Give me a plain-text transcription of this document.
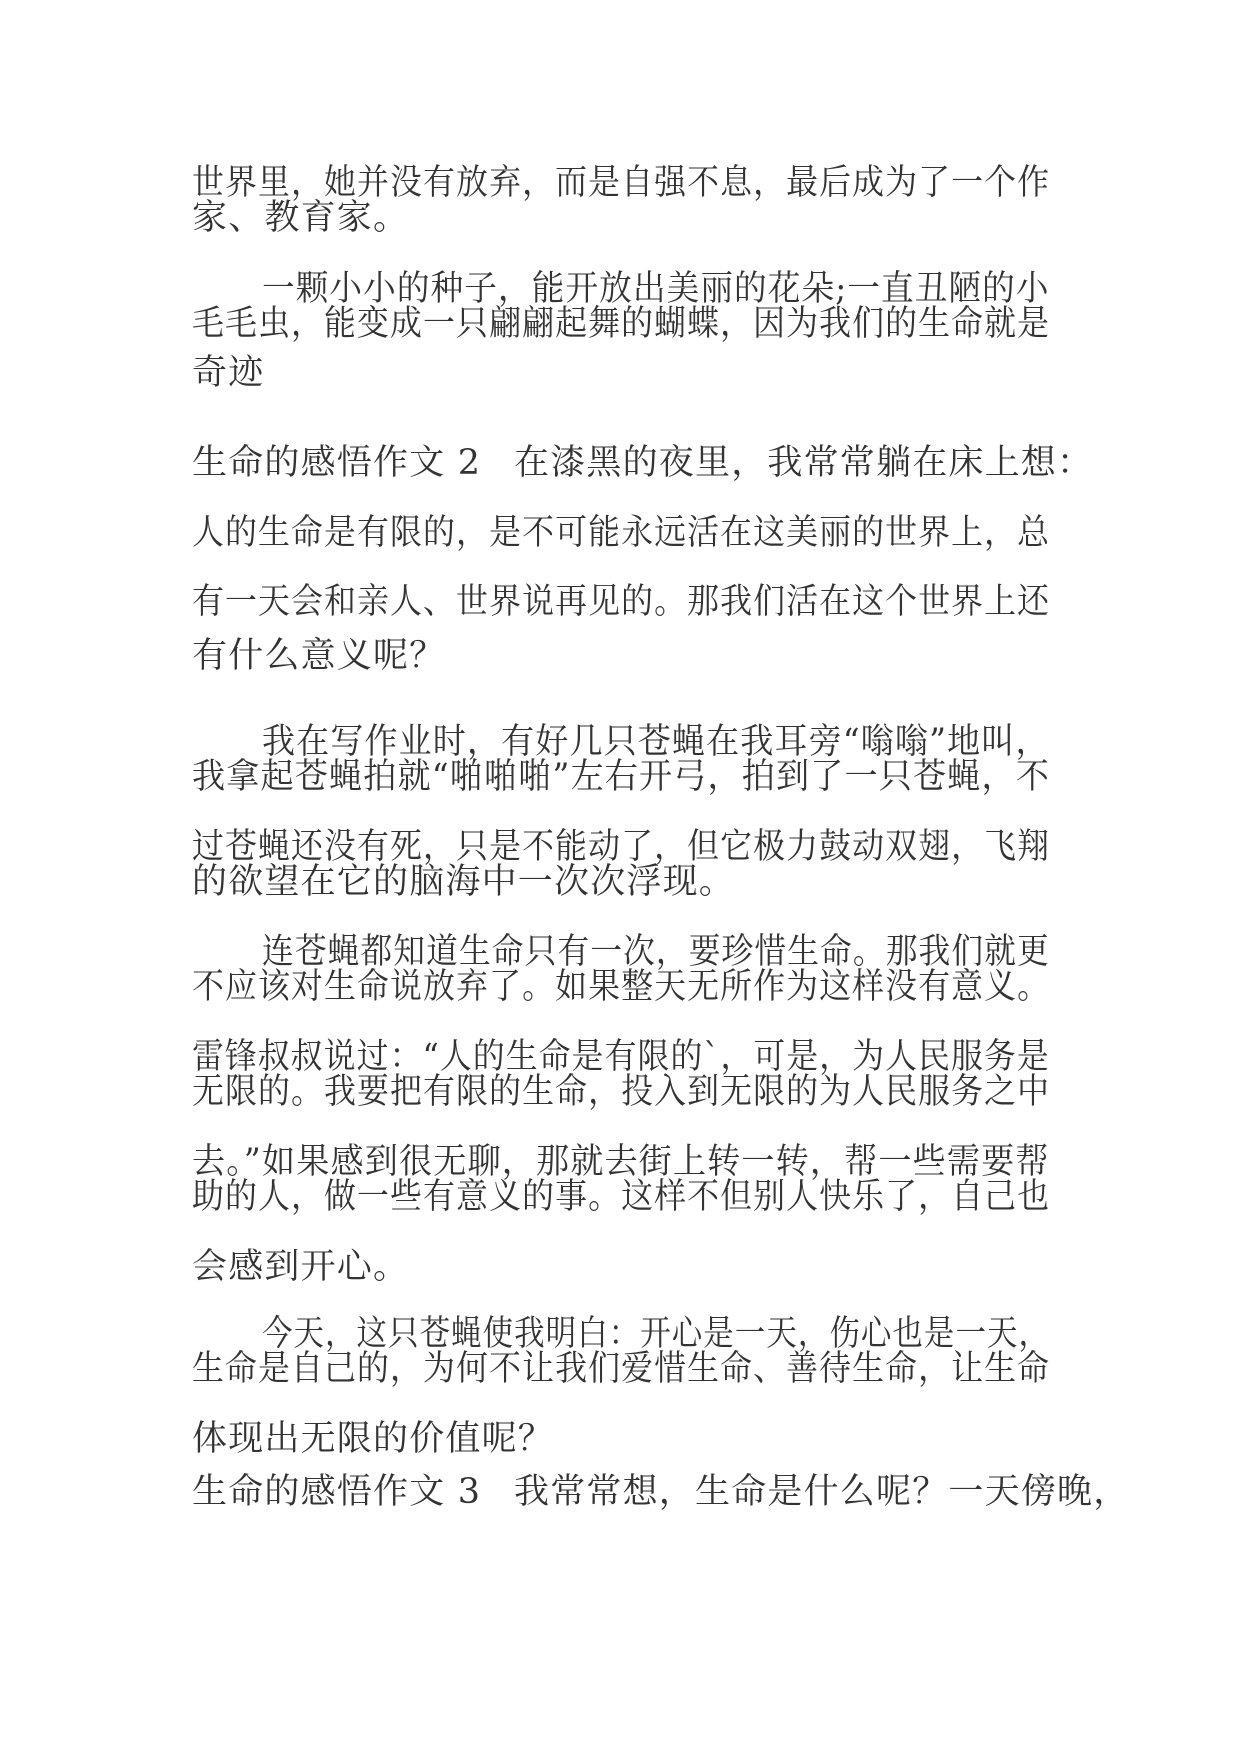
世界里，她并没有放弃，而是自强不息，最后成为了一个作
家、教育家。
一颗小小的种子，能开放出美丽的花朵;一直丑陋的小
毛毛虫，能变成一只翩翩起舞的蝴蝶，因为我们的生命就是
奇迹
生命的感悟作文 2 在漆黑的夜里，我常常躺在床上想：
人的生命是有限的，是不可能永远活在这美丽的世界上，总
有一天会和亲人、世界说再见的。那我们活在这个世界上还
有什么意义呢？
我在写作业时，有好几只苍蝇在我耳旁“嗡嗡”地叫，
我拿起苍蝇拍就“啪啪啪”左右开弓，拍到了一只苍蝇，不
过苍蝇还没有死，只是不能动了，但它极力鼓动双翅，飞翔
的欲望在它的脑海中一次次浮现。
连苍蝇都知道生命只有一次，要珍惜生命。那我们就更
不应该对生命说放弃了。如果整天无所作为这样没有意义。
雷锋叔叔说过：“人的生命是有限的`，可是，为人民服务是
无限的。我要把有限的生命，投入到无限的为人民服务之中
去。”如果感到很无聊，那就去街上转一转，帮一些需要帮
助的人，做一些有意义的事。这样不但别人快乐了，自己也
会感到开心。
今天，这只苍蝇使我明白：开心是一天，伤心也是一天，
生命是自己的，为何不让我们爱惜生命、善待生命，让生命
体现出无限的价值呢？
生命的感悟作文 3 我常常想，生命是什么呢？一天傍晚，
